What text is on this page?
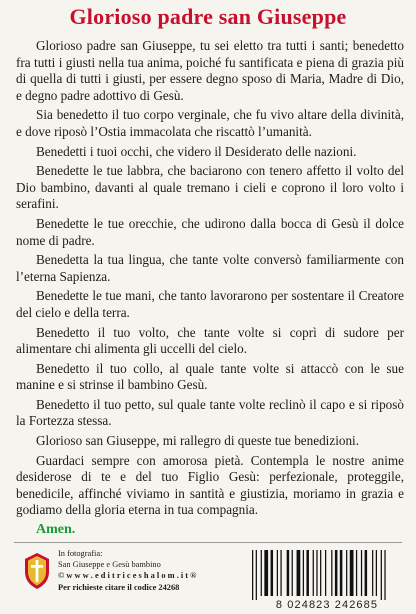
Glorioso padre san Giuseppe

Glorioso padre san Giuseppe, tu sei eletto tra tutti i santi; benedetto fra tutti i giusti nella tua anima, poiché fu santificata e piena di grazia più di quella di tutti i giusti, per essere degno sposo di Maria, Madre di Dio, e degno padre adottivo di Gesù.

Sia benedetto il tuo corpo verginale, che fu vivo altare della divinità, e dove riposò l’Ostia immacolata che riscattò l’umanità.

Benedetti i tuoi occhi, che videro il Desiderato delle nazioni.

Benedette le tue labbra, che baciarono con tenero affetto il volto del Dio bambino, davanti al quale tremano i cieli e coprono il loro volto i serafini.

Benedette le tue orecchie, che udirono dalla bocca di Gesù il dolce nome di padre.

Benedetta la tua lingua, che tante volte conversò familiarmente con l’eterna Sapienza.

Benedette le tue mani, che tanto lavorarono per sostentare il Creatore del cielo e della terra.

Benedetto il tuo volto, che tante volte si coprì di sudore per alimentare chi alimenta gli uccelli del cielo.

Benedetto il tuo collo, al quale tante volte si attaccò con le sue manine e si strinse il bambino Gesù.

Benedetto il tuo petto, sul quale tante volte reclinò il capo e si riposò la Fortezza stessa.

Glorioso san Giuseppe, mi rallegro di queste tue benedizioni.

Guardaci sempre con amorosa pietà. Contempla le nostre anime desiderose di te e del tuo Figlio Gesù: perfezionale, proteggile, benedicile, affinché viviamo in santità e giustizia, moriamo in grazia e godiamo della gloria eterna in tua compagnia.

Amen.
In fotografia:
San Giuseppe e Gesù bambino
© w w w . e d i t r i c e s h a l o m . i t ®
Per richieste citare il codice 24268
8 024823 242685
